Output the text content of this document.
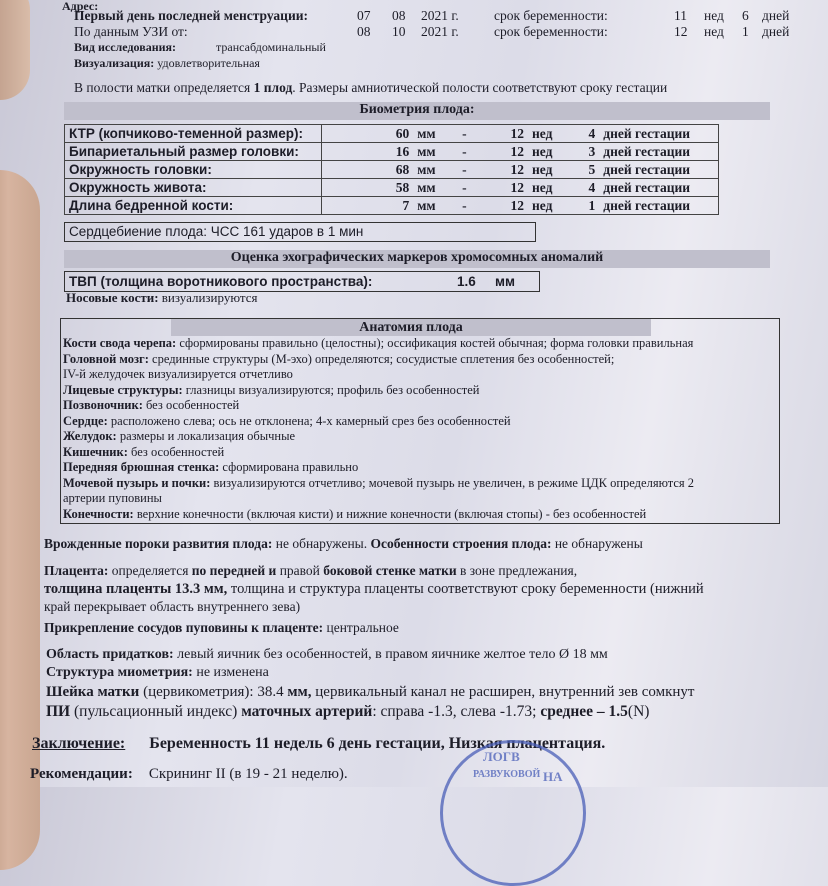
Адрес:
Первый день последней менструации:	07 08 2021 г.	срок беременности:	11 нед 6 дней
По данным УЗИ от:	08 10 2021 г.	срок беременности:	12 нед 1 дней
Вид исследования:	трансабдоминальный
Визуализация: удовлетворительная
В полости матки определяется 1 плод. Размеры амниотической полости соответствуют сроку гестации
Биометрия плода:
КТР (копчиково-теменной размер):	60	мм	-	12	нед	4	дней гестации
Бипариетальный размер головки:	16	мм	-	12	нед	3	дней гестации
Окружность головки:	68	мм	-	12	нед	5	дней гестации
Окружность живота:	58	мм	-	12	нед	4	дней гестации
Длина бедренной кости:	7	мм	-	12	нед	1	дней гестации
Сердцебиение плода: ЧСС 161 ударов в 1 мин
Оценка эхографических маркеров хромосомных аномалий
ТВП (толщина воротникового пространства):	1.6 мм
Носовые кости: визуализируются
Анатомия плода
Кости свода черепа: сформированы правильно (целостны); оссификация костей обычная; форма головки правильная
Головной мозг: срединные структуры (М-эхо) определяются; сосудистые сплетения без особенностей;
IV-й желудочек визуализируется отчетливо
Лицевые структуры: глазницы визуализируются; профиль без особенностей
Позвоночник: без особенностей
Сердце: расположено слева; ось не отклонена; 4-х камерный срез без особенностей
Желудок: размеры и локализация обычные
Кишечник: без особенностей
Передняя брюшная стенка: сформирована правильно
Мочевой пузырь и почки: визуализируются отчетливо; мочевой пузырь не увеличен, в режиме ЦДК определяются 2
артерии пуповины
Конечности: верхние конечности (включая кисти) и нижние конечности (включая стопы) - без особенностей
Врожденные пороки развития плода: не обнаружены. Особенности строения плода: не обнаружены
Плацента: определяется по передней и правой боковой стенке матки в зоне предлежания,
толщина плаценты 13.3 мм, толщина и структура плаценты соответствуют сроку беременности (нижний
край перекрывает область внутреннего зева)
Прикрепление сосудов пуповины к плаценте: центральное
Область придатков: левый яичник без особенностей, в правом яичнике желтое тело Ø 18 мм
Структура миометрия: не изменена
Шейка матки (цервикометрия): 38.4 мм, цервикальный канал не расширен, внутренний зев сомкнут
ПИ (пульсационный индекс) маточных артерий: справа -1.3, слева -1.73; среднее – 1.5(N)
Заключение: Беременность 11 недель 6 день гестации, Низкая плацентация.
Рекомендации: Скрининг II (в 19 - 21 неделю).
ЛОГВ
НА
РАЗВУКОВОЙ
